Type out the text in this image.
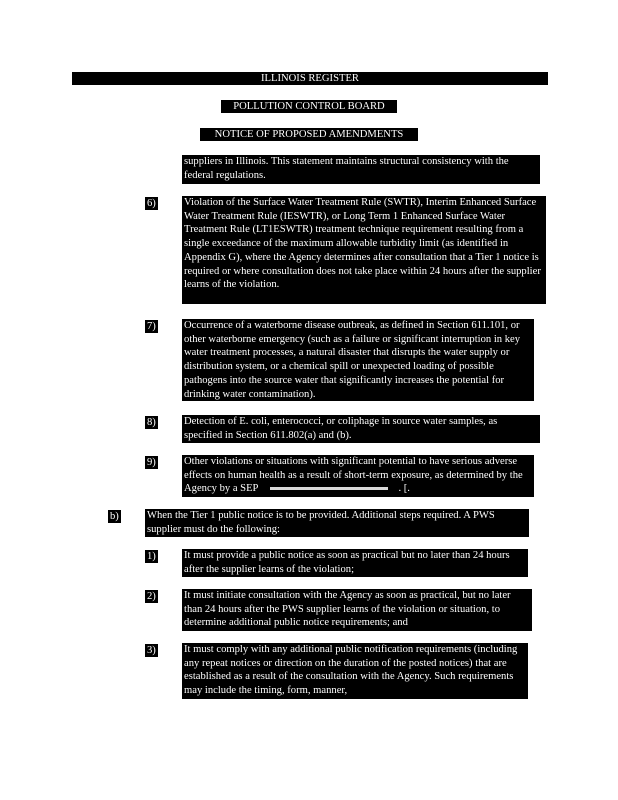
ILLINOIS REGISTER
POLLUTION CONTROL BOARD
NOTICE OF PROPOSED AMENDMENTS
suppliers in Illinois. This statement maintains structural consistency with the federal regulations.
6)	Violation of the Surface Water Treatment Rule (SWTR), Interim Enhanced Surface Water Treatment Rule (IESWTR), or Long Term 1 Enhanced Surface Water Treatment Rule (LT1ESWTR) treatment technique requirement resulting from a single exceedance of the maximum allowable turbidity limit (as identified in Appendix G), where the Agency determines after consultation that a Tier 1 notice is required or where consultation does not take place within 24 hours after the supplier learns of the violation.
7)	Occurrence of a waterborne disease outbreak, as defined in Section 611.101, or other waterborne emergency (such as a failure or significant interruption in key water treatment processes, a natural disaster that disrupts the water supply or distribution system, or a chemical spill or unexpected loading of possible pathogens into the source water that significantly increases the potential for drinking water contamination).
8)	Detection of E. coli, enterococci, or coliphage in source water samples, as specified in Section 611.802(a) and (b).
9)	Other violations or situations with significant potential to have serious adverse effects on human health as a result of short-term exposure, as determined by the Agency by a SEP	. [.
b)	When the Tier 1 public notice is to be provided. Additional steps required. A PWS supplier must do the following:
1)	It must provide a public notice as soon as practical but no later than 24 hours after the supplier learns of the violation;
2)	It must initiate consultation with the Agency as soon as practical, but no later than 24 hours after the PWS supplier learns of the violation or situation, to determine additional public notice requirements; and
3)	It must comply with any additional public notification requirements (including any repeat notices or direction on the duration of the posted notices) that are established as a result of the consultation with the Agency. Such requirements may include the timing, form, manner,
